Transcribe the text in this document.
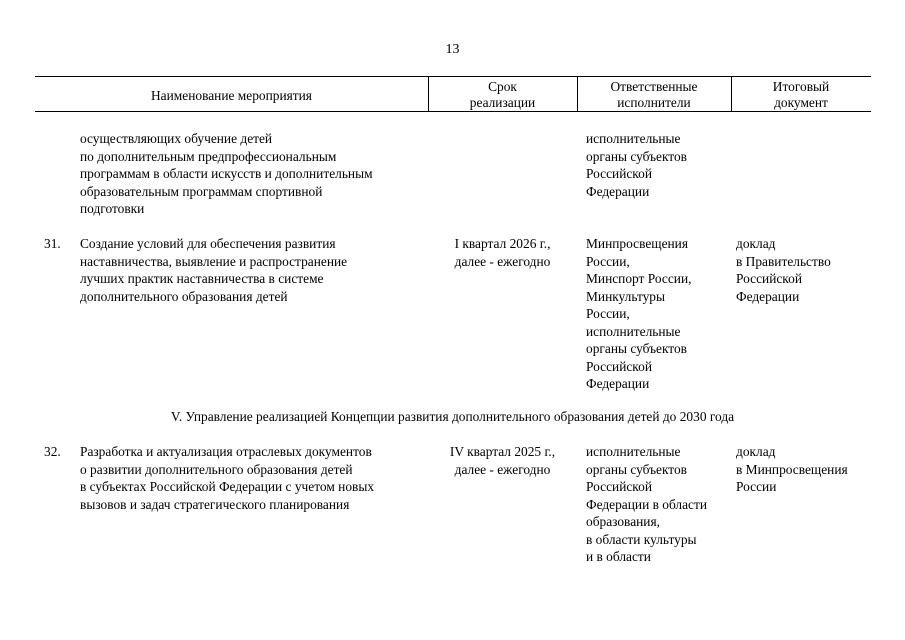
13
Наименование мероприятия
Срок
реализации
Ответственные
исполнители
Итоговый
документ
осуществляющих обучение детей
по дополнительным предпрофессиональным
программам в области искусств и дополнительным
образовательным программам спортивной
подготовки
исполнительные
органы субъектов
Российской
Федерации
31. Создание условий для обеспечения развития
наставничества, выявление и распространение
лучших практик наставничества в системе
дополнительного образования детей
I квартал 2026 г.,
далее - ежегодно
Минпросвещения
России,
Минспорт России,
Минкультуры
России,
исполнительные
органы субъектов
Российской
Федерации
доклад
в Правительство
Российской
Федерации
V. Управление реализацией Концепции развития дополнительного образования детей до 2030 года
32. Разработка и актуализация отраслевых документов
о развитии дополнительного образования детей
в субъектах Российской Федерации с учетом новых
вызовов и задач стратегического планирования
IV квартал 2025 г.,
далее - ежегодно
исполнительные
органы субъектов
Российской
Федерации в области
образования,
в области культуры
и в области
доклад
в Минпросвещения
России
